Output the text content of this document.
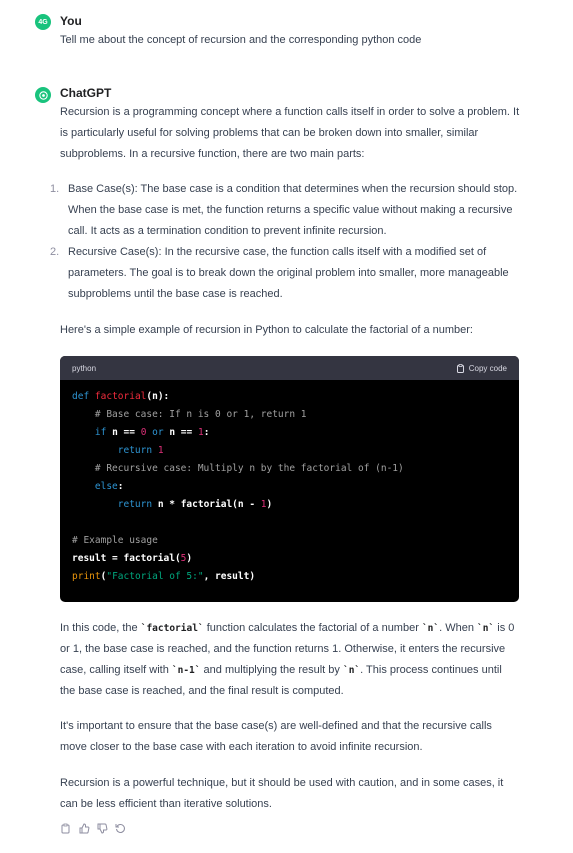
4G You
Tell me about the concept of recursion and the corresponding python code
ChatGPT

Recursion is a programming concept where a function calls itself in order to solve a problem. It is particularly useful for solving problems that can be broken down into smaller, similar subproblems. In a recursive function, there are two main parts:

1. Base Case(s): The base case is a condition that determines when the recursion should stop. When the base case is met, the function returns a specific value without making a recursive call. It acts as a termination condition to prevent infinite recursion.
2. Recursive Case(s): In the recursive case, the function calls itself with a modified set of parameters. The goal is to break down the original problem into smaller, more manageable subproblems until the base case is reached.
Here's a simple example of recursion in Python to calculate the factorial of a number:
python	Copy code
def factorial(n):
# Base case: If n is 0 or 1, return 1
if n == 0 or n == 1:
return 1
# Recursive case: Multiply n by the factorial of (n-1)
else:
return n * factorial(n - 1)

# Example usage
result = factorial(5)
print("Factorial of 5:", result)
In this code, the `factorial` function calculates the factorial of a number `n`. When `n` is 0 or 1, the base case is reached, and the function returns 1. Otherwise, it enters the recursive case, calling itself with `n-1` and multiplying the result by `n`. This process continues until the base case is reached, and the final result is computed.
It's important to ensure that the base case(s) are well-defined and that the recursive calls move closer to the base case with each iteration to avoid infinite recursion.
Recursion is a powerful technique, but it should be used with caution, and in some cases, it can be less efficient than iterative solutions.
